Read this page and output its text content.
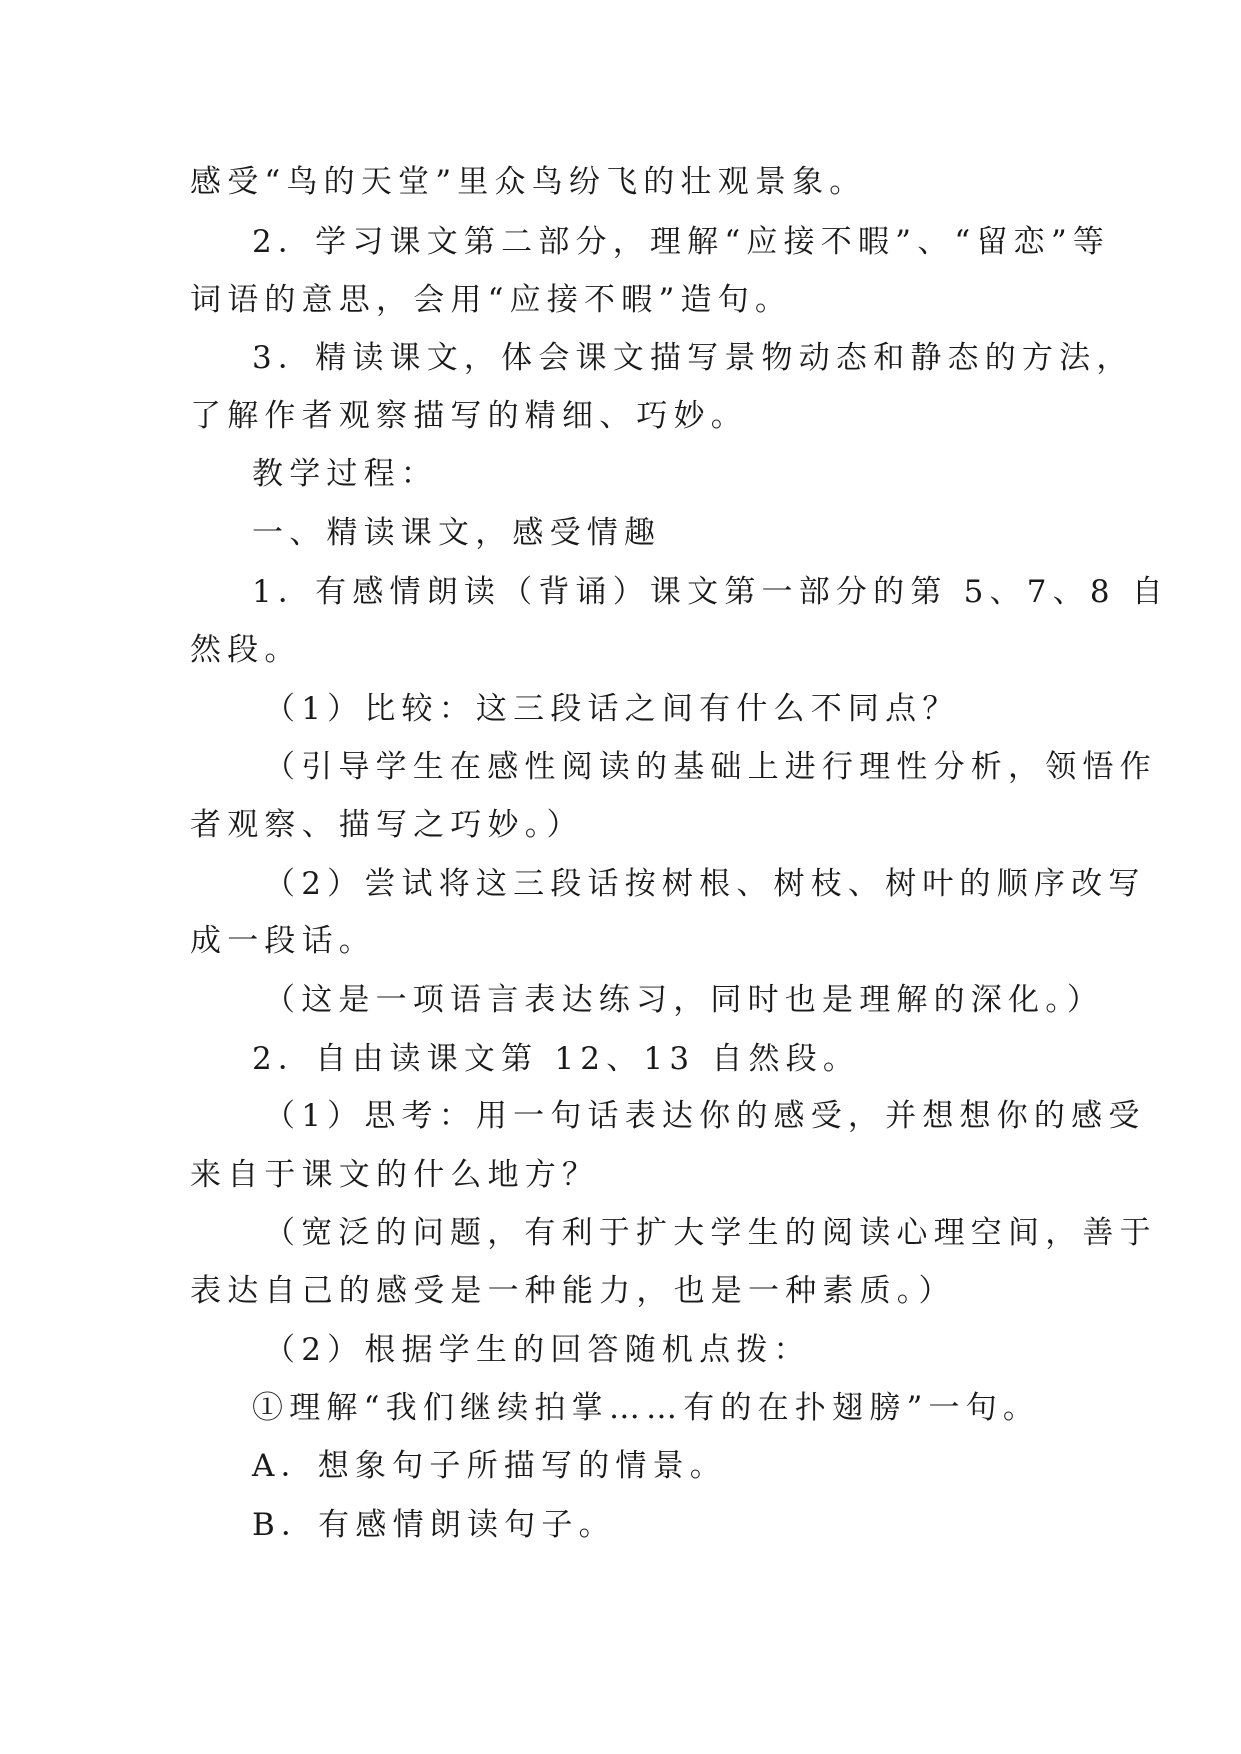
感受“鸟的天堂”里众鸟纷飞的壮观景象。
2．学习课文第二部分，理解“应接不暇”、“留恋”等
词语的意思，会用“应接不暇”造句。
3．精读课文，体会课文描写景物动态和静态的方法，
了解作者观察描写的精细、巧妙。
教学过程：
一、精读课文，感受情趣
1．有感情朗读（背诵）课文第一部分的第 5、7、8 自
然段。
（1）比较：这三段话之间有什么不同点？
（引导学生在感性阅读的基础上进行理性分析，领悟作
者观察、描写之巧妙。）
（2）尝试将这三段话按树根、树枝、树叶的顺序改写
成一段话。
（这是一项语言表达练习，同时也是理解的深化。）
2．自由读课文第 12、13 自然段。
（1）思考：用一句话表达你的感受，并想想你的感受
来自于课文的什么地方？
（宽泛的问题，有利于扩大学生的阅读心理空间，善于
表达自己的感受是一种能力，也是一种素质。）
（2）根据学生的回答随机点拨：
①理解“我们继续拍掌……有的在扑翅膀”一句。
A．想象句子所描写的情景。
B．有感情朗读句子。
